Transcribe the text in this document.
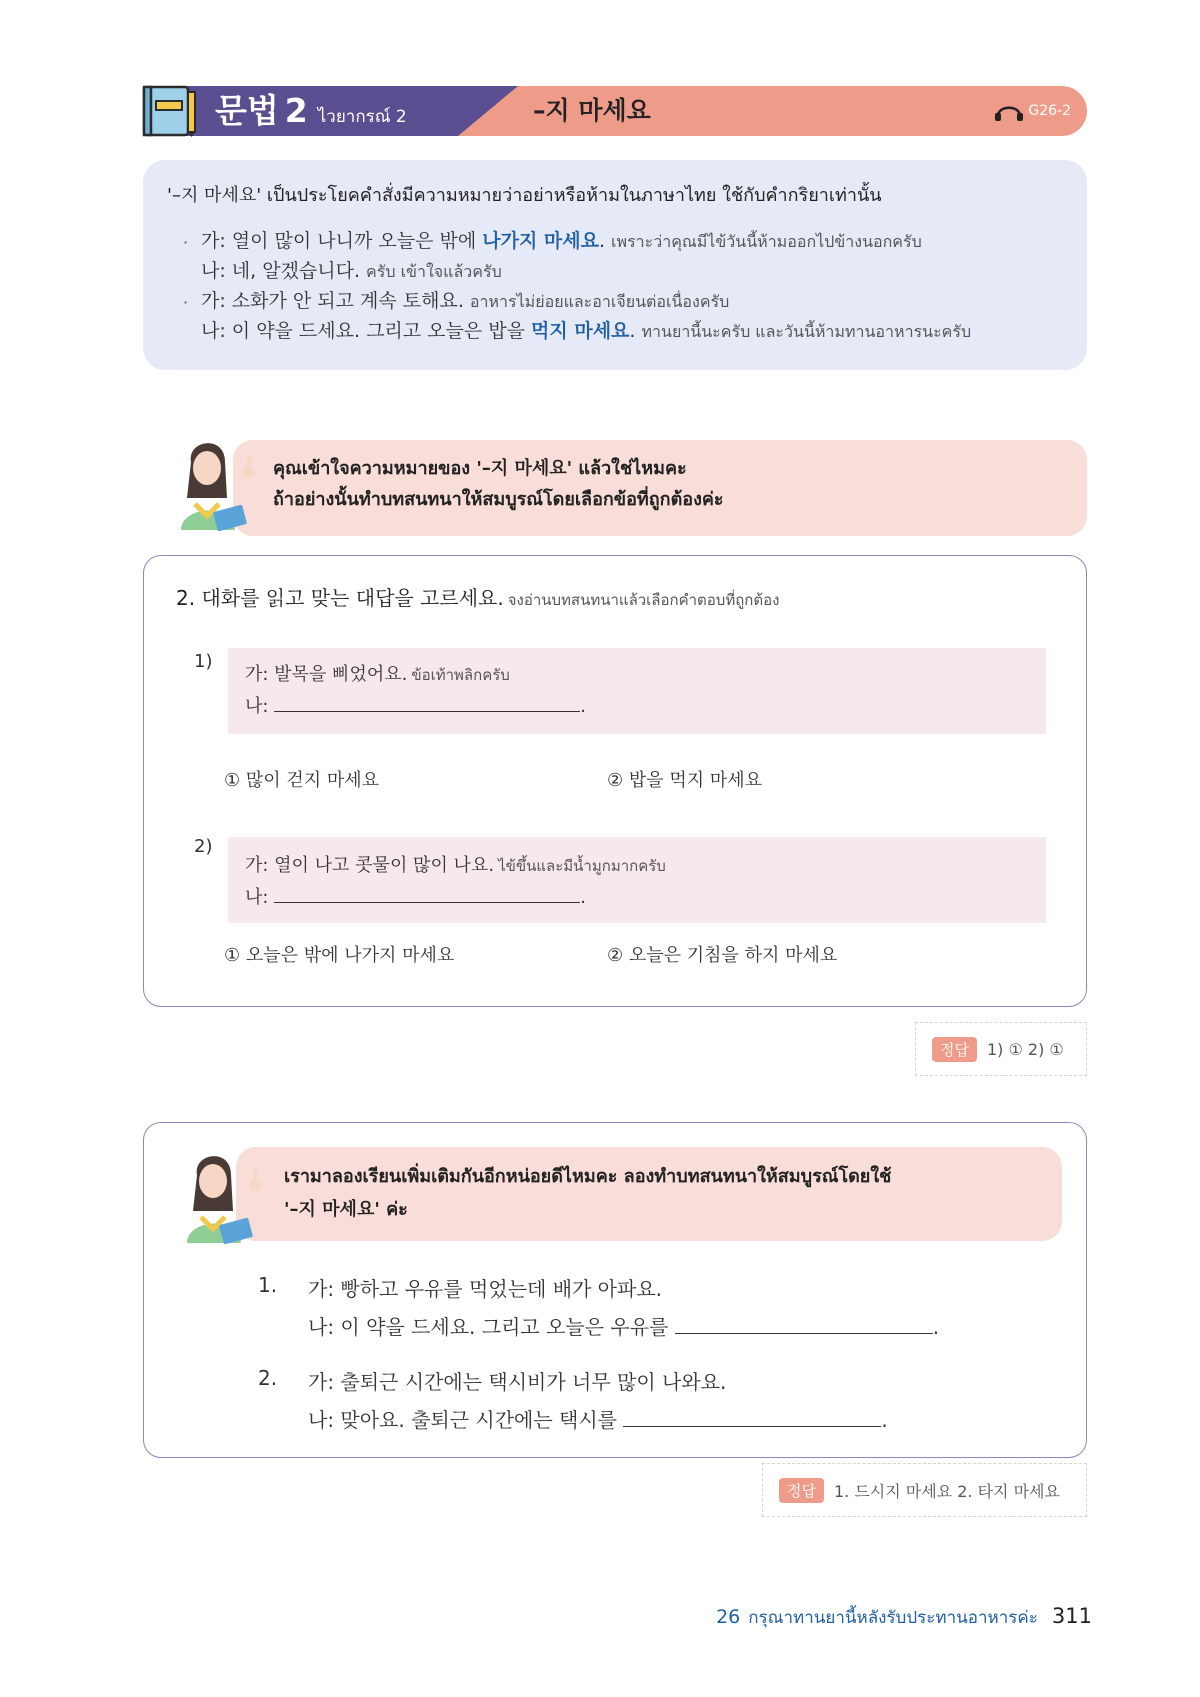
문법 2 ไวยากรณ์ 2	–지 마세요	G26-2
'–지 마세요' เป็นประโยคคำสั่งมีความหมายว่าอย่าหรือห้ามในภาษาไทย ใช้กับคำกริยาเท่านั้น
· 가: 열이 많이 나니까 오늘은 밖에 나가지 마세요. เพราะว่าคุณมีไข้วันนี้ห้ามออกไปข้างนอกครับ
나: 네, 알겠습니다. ครับ เข้าใจแล้วครับ
· 가: 소화가 안 되고 계속 토해요. อาหารไม่ย่อยและอาเจียนต่อเนื่องครับ
나: 이 약을 드세요. 그리고 오늘은 밥을 먹지 마세요. ทานยานี้นะครับ และวันนี้ห้ามทานอาหารนะครับ
คุณเข้าใจความหมายของ '–지 마세요' แล้วใช่ไหมคะ
ถ้าอย่างนั้นทำบทสนทนาให้สมบูรณ์โดยเลือกข้อที่ถูกต้องค่ะ
2. 대화를 읽고 맞는 대답을 고르세요. จงอ่านบทสนทนาแล้วเลือกคำตอบที่ถูกต้อง
1)
가: 발목을 삐었어요. ข้อเท้าพลิกครับ
나:	.
① 많이 걷지 마세요	② 밥을 먹지 마세요
2)
가: 열이 나고 콧물이 많이 나요. ไข้ขึ้นและมีน้ำมูกมากครับ
나:	.
① 오늘은 밖에 나가지 마세요	② 오늘은 기침을 하지 마세요
정답	1) ① 2) ①
เรามาลองเรียนเพิ่มเติมกันอีกหน่อยดีไหมคะ ลองทำบทสนทนาให้สมบูรณ์โดยใช้
'–지 마세요' ค่ะ
1. 가: 빵하고 우유를 먹었는데 배가 아파요.
나: 이 약을 드세요. 그리고 오늘은 우유를	.
2. 가: 출퇴근 시간에는 택시비가 너무 많이 나와요.
나: 맞아요. 출퇴근 시간에는 택시를	.
정답	1. 드시지 마세요 2. 타지 마세요
26 กรุณาทานยานี้หลังรับประทานอาหารค่ะ 311
